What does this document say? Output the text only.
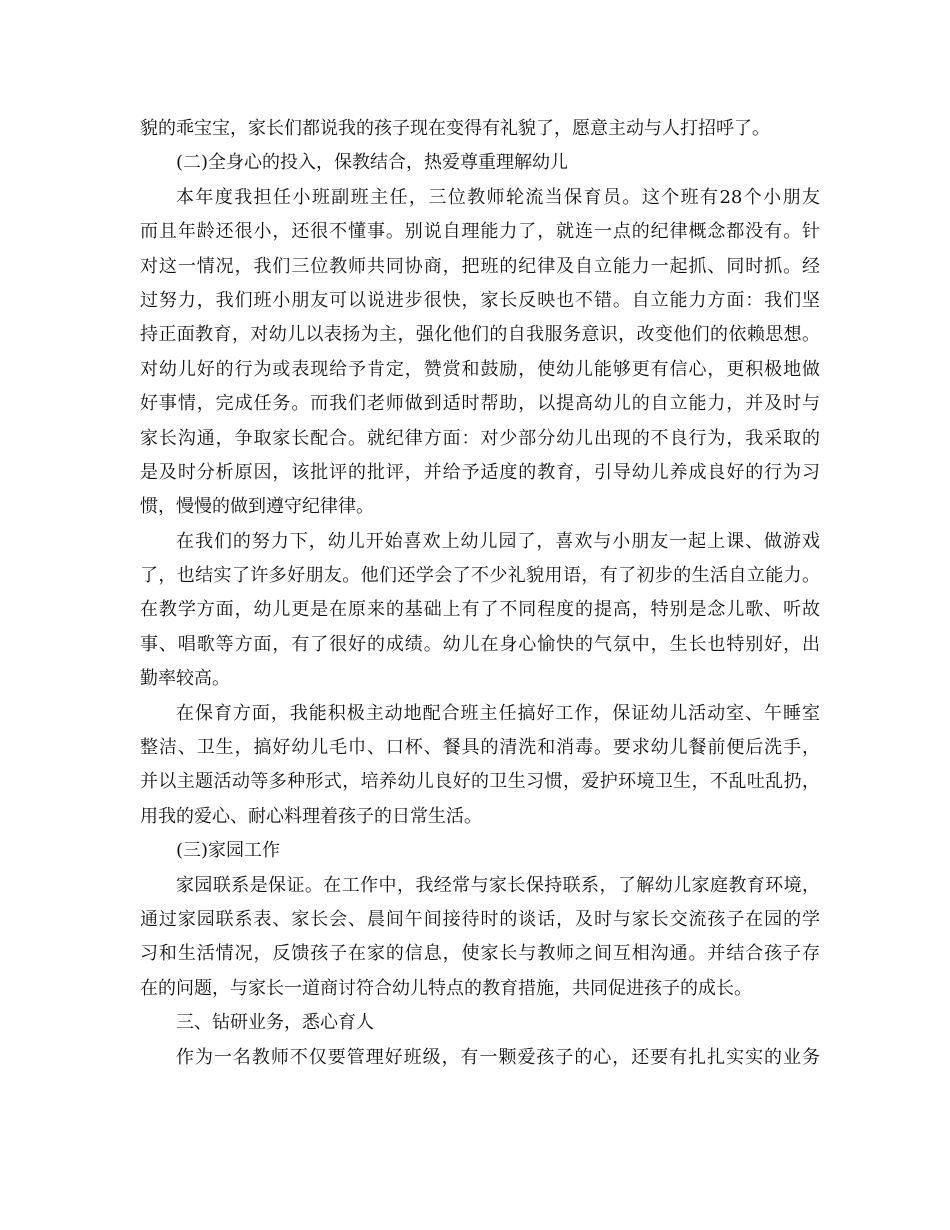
貌的乖宝宝，家长们都说我的孩子现在变得有礼貌了，愿意主动与人打招呼了。
(二)全身心的投入，保教结合，热爱尊重理解幼儿
本年度我担任小班副班主任，三位教师轮流当保育员。这个班有28个小朋友
而且年龄还很小，还很不懂事。别说自理能力了，就连一点的纪律概念都没有。针
对这一情况，我们三位教师共同协商，把班的纪律及自立能力一起抓、同时抓。经
过努力，我们班小朋友可以说进步很快，家长反映也不错。自立能力方面：我们坚
持正面教育，对幼儿以表扬为主，强化他们的自我服务意识，改变他们的依赖思想。
对幼儿好的行为或表现给予肯定，赞赏和鼓励，使幼儿能够更有信心，更积极地做
好事情，完成任务。而我们老师做到适时帮助，以提高幼儿的自立能力，并及时与
家长沟通，争取家长配合。就纪律方面：对少部分幼儿出现的不良行为，我采取的
是及时分析原因，该批评的批评，并给予适度的教育，引导幼儿养成良好的行为习
惯，慢慢的做到遵守纪律律。
在我们的努力下，幼儿开始喜欢上幼儿园了，喜欢与小朋友一起上课、做游戏
了，也结实了许多好朋友。他们还学会了不少礼貌用语，有了初步的生活自立能力。
在教学方面，幼儿更是在原来的基础上有了不同程度的提高，特别是念儿歌、听故
事、唱歌等方面，有了很好的成绩。幼儿在身心愉快的气氛中，生长也特别好，出
勤率较高。
在保育方面，我能积极主动地配合班主任搞好工作，保证幼儿活动室、午睡室
整洁、卫生，搞好幼儿毛巾、口杯、餐具的清洗和消毒。要求幼儿餐前便后洗手，
并以主题活动等多种形式，培养幼儿良好的卫生习惯，爱护环境卫生，不乱吐乱扔，
用我的爱心、耐心料理着孩子的日常生活。
(三)家园工作
家园联系是保证。在工作中，我经常与家长保持联系，了解幼儿家庭教育环境，
通过家园联系表、家长会、晨间午间接待时的谈话，及时与家长交流孩子在园的学
习和生活情况，反馈孩子在家的信息，使家长与教师之间互相沟通。并结合孩子存
在的问题，与家长一道商讨符合幼儿特点的教育措施，共同促进孩子的成长。
三、钻研业务，悉心育人
作为一名教师不仅要管理好班级，有一颗爱孩子的心，还要有扎扎实实的业务
